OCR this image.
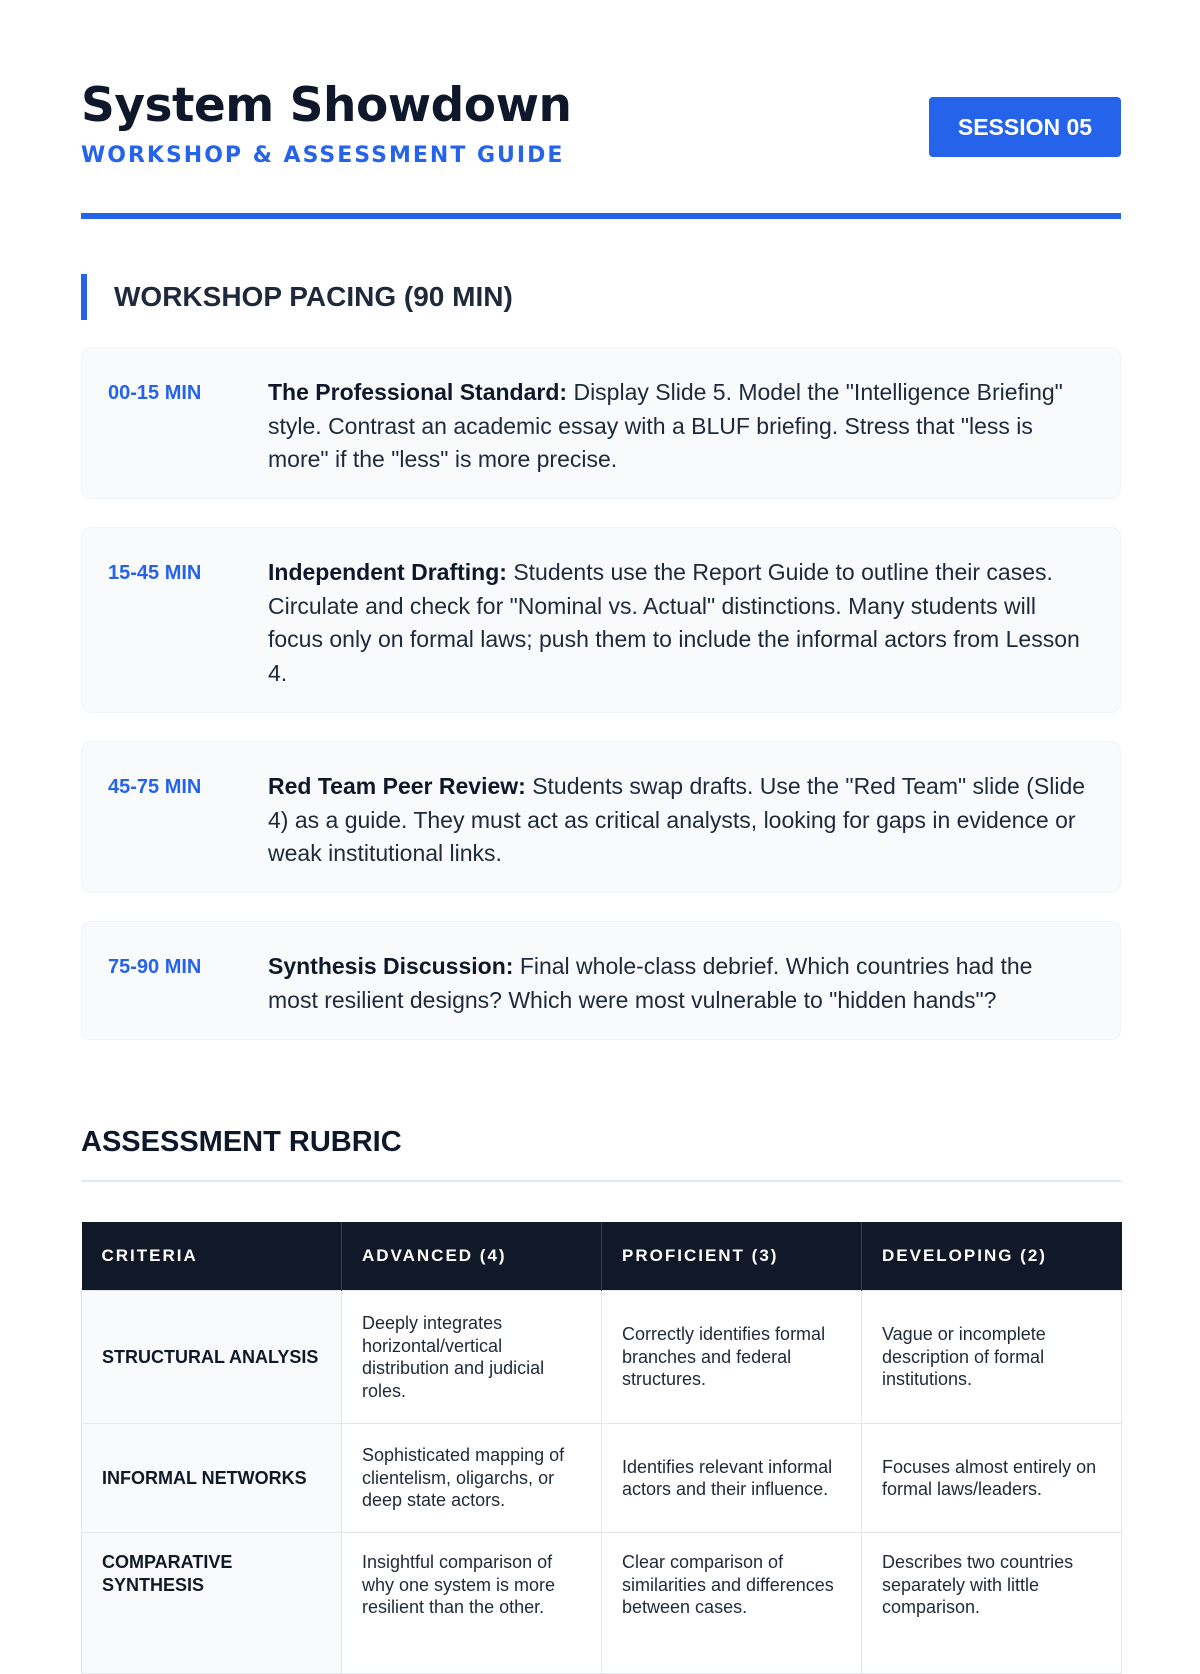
System Showdown
WORKSHOP & ASSESSMENT GUIDE
SESSION 05
WORKSHOP PACING (90 MIN)
00-15 MIN	The Professional Standard: Display Slide 5. Model the "Intelligence Briefing" style. Contrast an academic essay with a BLUF briefing. Stress that "less is more" if the "less" is more precise.
15-45 MIN	Independent Drafting: Students use the Report Guide to outline their cases. Circulate and check for "Nominal vs. Actual" distinctions. Many students will focus only on formal laws; push them to include the informal actors from Lesson 4.
45-75 MIN	Red Team Peer Review: Students swap drafts. Use the "Red Team" slide (Slide 4) as a guide. They must act as critical analysts, looking for gaps in evidence or weak institutional links.
75-90 MIN	Synthesis Discussion: Final whole-class debrief. Which countries had the most resilient designs? Which were most vulnerable to "hidden hands"?
ASSESSMENT RUBRIC
CRITERIA	ADVANCED (4)	PROFICIENT (3)	DEVELOPING (2)
STRUCTURAL ANALYSIS	Deeply integrates horizontal/vertical distribution and judicial roles.	Correctly identifies formal branches and federal structures.	Vague or incomplete description of formal institutions.
INFORMAL NETWORKS	Sophisticated mapping of clientelism, oligarchs, or deep state actors.	Identifies relevant informal actors and their influence.	Focuses almost entirely on formal laws/leaders.
COMPARATIVE SYNTHESIS	Insightful comparison of why one system is more resilient than the other.	Clear comparison of similarities and differences between cases.	Describes two countries separately with little comparison.
